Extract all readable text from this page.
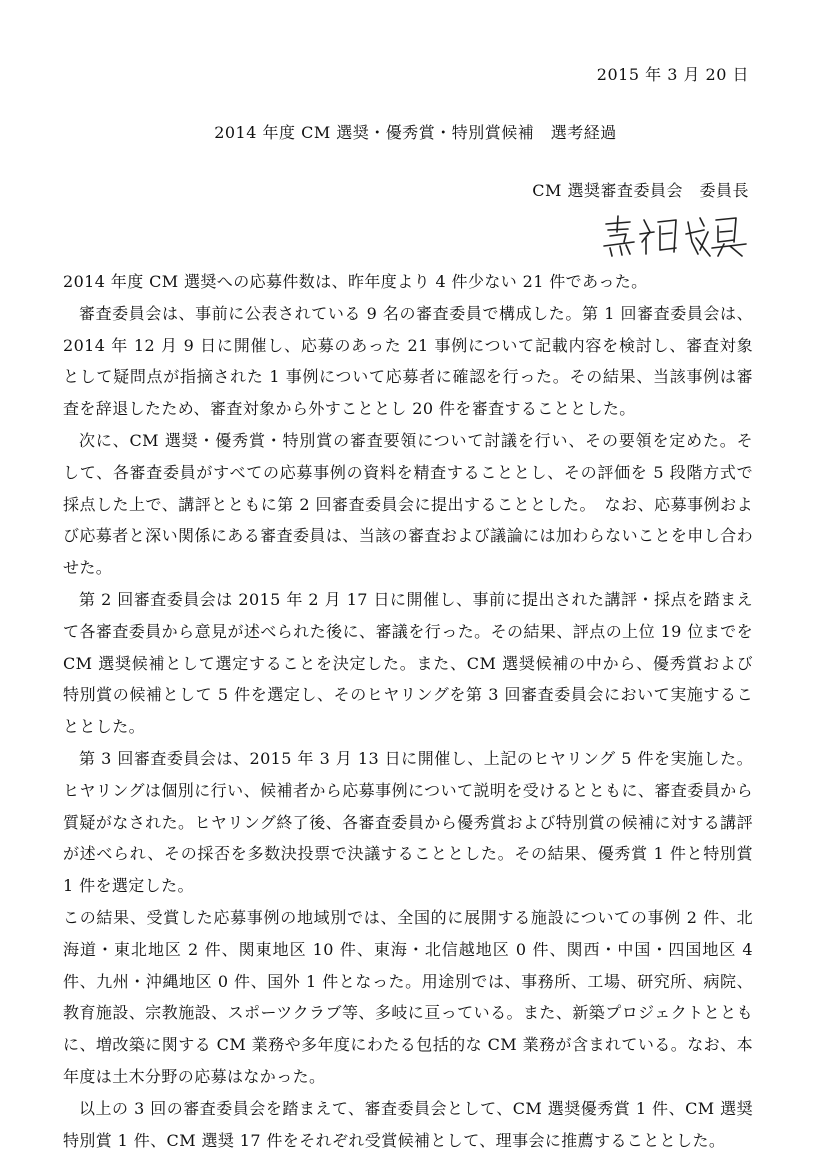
2015 年 3 月 20 日
2014 年度 CM 選奨・優秀賞・特別賞候補　選考経過
CM 選奨審査委員会　委員長

2014 年度 CM 選奨への応募件数は、昨年度より 4 件少ない 21 件であった。

審査委員会は、事前に公表されている 9 名の審査委員で構成した。第 1 回審査委員会は、2014 年 12 月 9 日に開催し、応募のあった 21 事例について記載内容を検討し、審査対象として疑問点が指摘された 1 事例について応募者に確認を行った。その結果、当該事例は審査を辞退したため、審査対象から外すこととし 20 件を審査することとした。

次に、CM 選奨・優秀賞・特別賞の審査要領について討議を行い、その要領を定めた。そして、各審査委員がすべての応募事例の資料を精査することとし、その評価を 5 段階方式で採点した上で、講評とともに第 2 回審査委員会に提出することとした。　なお、応募事例および応募者と深い関係にある審査委員は、当該の審査および議論には加わらないことを申し合わせた。

第 2 回審査委員会は 2015 年 2 月 17 日に開催し、事前に提出された講評・採点を踏まえて各審査委員から意見が述べられた後に、審議を行った。その結果、評点の上位 19 位までを CM 選奨候補として選定することを決定した。また、CM 選奨候補の中から、優秀賞および特別賞の候補として 5 件を選定し、そのヒヤリングを第 3 回審査委員会において実施することとした。

第 3 回審査委員会は、2015 年 3 月 13 日に開催し、上記のヒヤリング 5 件を実施した。ヒヤリングは個別に行い、候補者から応募事例について説明を受けるとともに、審査委員から質疑がなされた。ヒヤリング終了後、各審査委員から優秀賞および特別賞の候補に対する講評が述べられ、その採否を多数決投票で決議することとした。その結果、優秀賞 1 件と特別賞 1 件を選定した。

この結果、受賞した応募事例の地域別では、全国的に展開する施設についての事例 2 件、北海道・東北地区 2 件、関東地区 10 件、東海・北信越地区 0 件、関西・中国・四国地区 4 件、九州・沖縄地区 0 件、国外 1 件となった。用途別では、事務所、工場、研究所、病院、教育施設、宗教施設、スポーツクラブ等、多岐に亘っている。また、新築プロジェクトとともに、増改築に関する CM 業務や多年度にわたる包括的な CM 業務が含まれている。なお、本年度は土木分野の応募はなかった。

以上の 3 回の審査委員会を踏まえて、審査委員会として、CM 選奨優秀賞 1 件、CM 選奨特別賞 1 件、CM 選奨 17 件をそれぞれ受賞候補として、理事会に推薦することとした。
